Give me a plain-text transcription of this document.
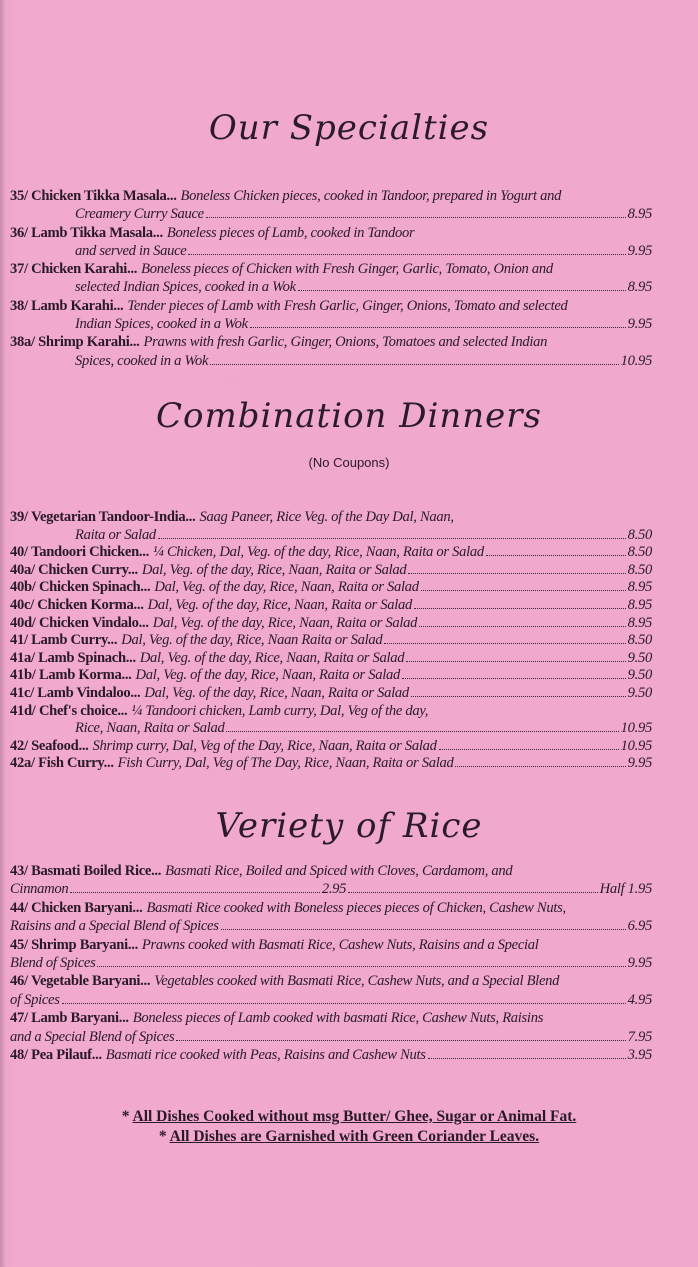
Our Specialties
35/
Chicken Tikka Masala... Boneless Chicken pieces, cooked in Tandoor, prepared in Yogurt and
Creamery Curry Sauce	8.95
36/
Lamb Tikka Masala... Boneless pieces of Lamb, cooked in Tandoor
and served in Sauce	9.95
37/
Chicken Karahi... Boneless pieces of Chicken with Fresh Ginger, Garlic, Tomato, Onion and
selected Indian Spices, cooked in a Wok	8.95
38/
Lamb Karahi... Tender pieces of Lamb with Fresh Garlic, Ginger, Onions, Tomato and selected
Indian Spices, cooked in a Wok	9.95
38a/
Shrimp Karahi... Prawns with fresh Garlic, Ginger, Onions, Tomatoes and selected Indian
Spices, cooked in a Wok	10.95
Combination Dinners
(No Coupons)
39/
Vegetarian Tandoor-India... Saag Paneer, Rice Veg. of the Day Dal, Naan,
Raita or Salad	8.50
40/
Tandoori Chicken... ¼ Chicken, Dal, Veg. of the day, Rice, Naan, Raita or Salad	8.50
40a/
Chicken Curry... Dal, Veg. of the day, Rice, Naan, Raita or Salad	8.50
40b/
Chicken Spinach... Dal, Veg. of the day, Rice, Naan, Raita or Salad	8.95
40c/
Chicken Korma... Dal, Veg. of the day, Rice, Naan, Raita or Salad	8.95
40d/
Chicken Vindalo... Dal, Veg. of the day, Rice, Naan, Raita or Salad	8.95
41/
Lamb Curry... Dal, Veg. of the day, Rice, Naan Raita or Salad	8.50
41a/
Lamb Spinach... Dal, Veg. of the day, Rice, Naan, Raita or Salad	9.50
41b/
Lamb Korma... Dal, Veg. of the day, Rice, Naan, Raita or Salad	9.50
41c/
Lamb Vindaloo... Dal, Veg. of the day, Rice, Naan, Raita or Salad	9.50
41d/
Chef's choice... ¼ Tandoori chicken, Lamb curry, Dal, Veg of the day,
Rice, Naan, Raita or Salad	10.95
42/
Seafood... Shrimp curry, Dal, Veg of the Day, Rice, Naan, Raita or Salad	10.95
42a/
Fish Curry... Fish Curry, Dal, Veg of The Day, Rice, Naan, Raita or Salad	9.95
Veriety of Rice
43/
Basmati Boiled Rice... Basmati Rice, Boiled and Spiced with Cloves, Cardamom, and
Cinnamon	2.95	Half 1.95
44/
Chicken Baryani... Basmati Rice cooked with Boneless pieces pieces of Chicken, Cashew Nuts,
Raisins and a Special Blend of Spices	6.95
45/
Shrimp Baryani... Prawns cooked with Basmati Rice, Cashew Nuts, Raisins and a Special
Blend of Spices	9.95
46/
Vegetable Baryani... Vegetables cooked with Basmati Rice, Cashew Nuts, and a Special Blend
of Spices	4.95
47/
Lamb Baryani... Boneless pieces of Lamb cooked with basmati Rice, Cashew Nuts, Raisins
and a Special Blend of Spices	7.95
48/
Pea Pilauf... Basmati rice cooked with Peas, Raisins and Cashew Nuts	3.95
* All Dishes Cooked without msg Butter/ Ghee, Sugar or Animal Fat.
* All Dishes are Garnished with Green Coriander Leaves.
